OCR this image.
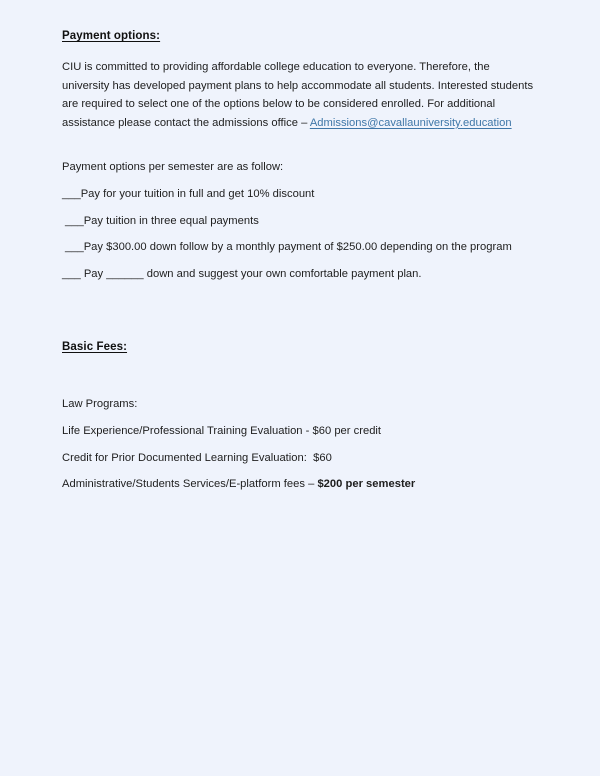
Payment options:

CIU is committed to providing affordable college education to everyone. Therefore, the university has developed payment plans to help accommodate all students. Interested students are required to select one of the options below to be considered enrolled. For additional assistance please contact the admissions office – Admissions@cavallauniversity.education

Payment options per semester are as follow:

___Pay for your tuition in full and get 10% discount

___Pay tuition in three equal payments

___Pay $300.00 down follow by a monthly payment of $250.00 depending on the program

___ Pay ______ down and suggest your own comfortable payment plan.

Basic Fees:

Law Programs:

Life Experience/Professional Training Evaluation - $60 per credit

Credit for Prior Documented Learning Evaluation:  $60

Administrative/Students Services/E-platform fees – $200 per semester
